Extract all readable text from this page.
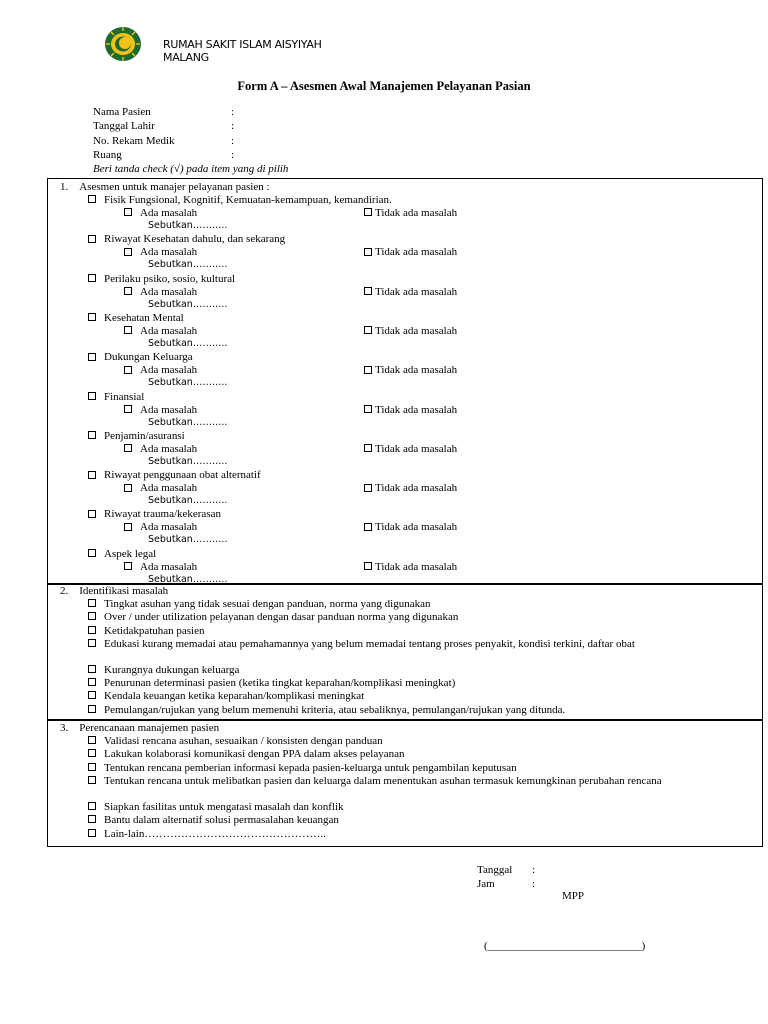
RUMAH SAKIT ISLAM AISYIYAH
MALANG
Form A – Asesmen Awal Manajemen Pelayanan Pasian
Nama Pasien	:
Tanggal Lahir	:
No. Rekam Medik	:
Ruang	:
Beri tanda check (√) pada item yang di pilih
1. Asesmen untuk manajer pelayanan pasien :
Fisik Fungsional, Kognitif, Kemuatan-kemampuan, kemandirian.
Ada masalah	Tidak ada masalah
Sebutkan………..
Riwayat Kesehatan dahulu, dan sekarang
Ada masalah	Tidak ada masalah
Sebutkan………..
Perilaku psiko, sosio, kultural
Ada masalah	Tidak ada masalah
Sebutkan………..
Kesehatan Mental
Ada masalah	Tidak ada masalah
Sebutkan………..
Dukungan Keluarga
Ada masalah	Tidak ada masalah
Sebutkan………..
Finansial
Ada masalah	Tidak ada masalah
Sebutkan………..
Penjamin/asuransi
Ada masalah	Tidak ada masalah
Sebutkan………..
Riwayat penggunaan obat alternatif
Ada masalah	Tidak ada masalah
Sebutkan………..
Riwayat trauma/kekerasan
Ada masalah	Tidak ada masalah
Sebutkan………..
Aspek legal
Ada masalah	Tidak ada masalah
Sebutkan………..
2. Identifikasi masalah
Tingkat asuhan yang tidak sesuai dengan panduan, norma yang digunakan
Over / under utilization pelayanan dengan dasar panduan norma yang digunakan
Ketidakpatuhan pasien
Edukasi kurang memadai atau pemahamannya yang belum memadai tentang proses penyakit, kondisi terkini, daftar obat
Kurangnya dukungan keluarga
Penurunan determinasi pasien (ketika tingkat keparahan/komplikasi meningkat)
Kendala keuangan ketika keparahan/komplikasi meningkat
Pemulangan/rujukan yang belum memenuhi kriteria, atau sebaliknya, pemulangan/rujukan yang ditunda.
3. Perencanaan manajemen pasien
Validasi rencana asuhan, sesuaikan / konsisten dengan panduan
Lakukan kolaborasi komunikasi dengan PPA dalam akses pelayanan
Tentukan rencana pemberian informasi kepada pasien-keluarga untuk pengambilan keputusan
Tentukan rencana untuk melibatkan pasien dan keluarga dalam menentukan asuhan termasuk kemungkinan perubahan rencana
Siapkan fasilitas untuk mengatasi masalah dan konflik
Bantu dalam alternatif solusi permasalahan keuangan
Lain-lain…………………………………………..
Tanggal :
Jam	:
MPP
(____________________________)
